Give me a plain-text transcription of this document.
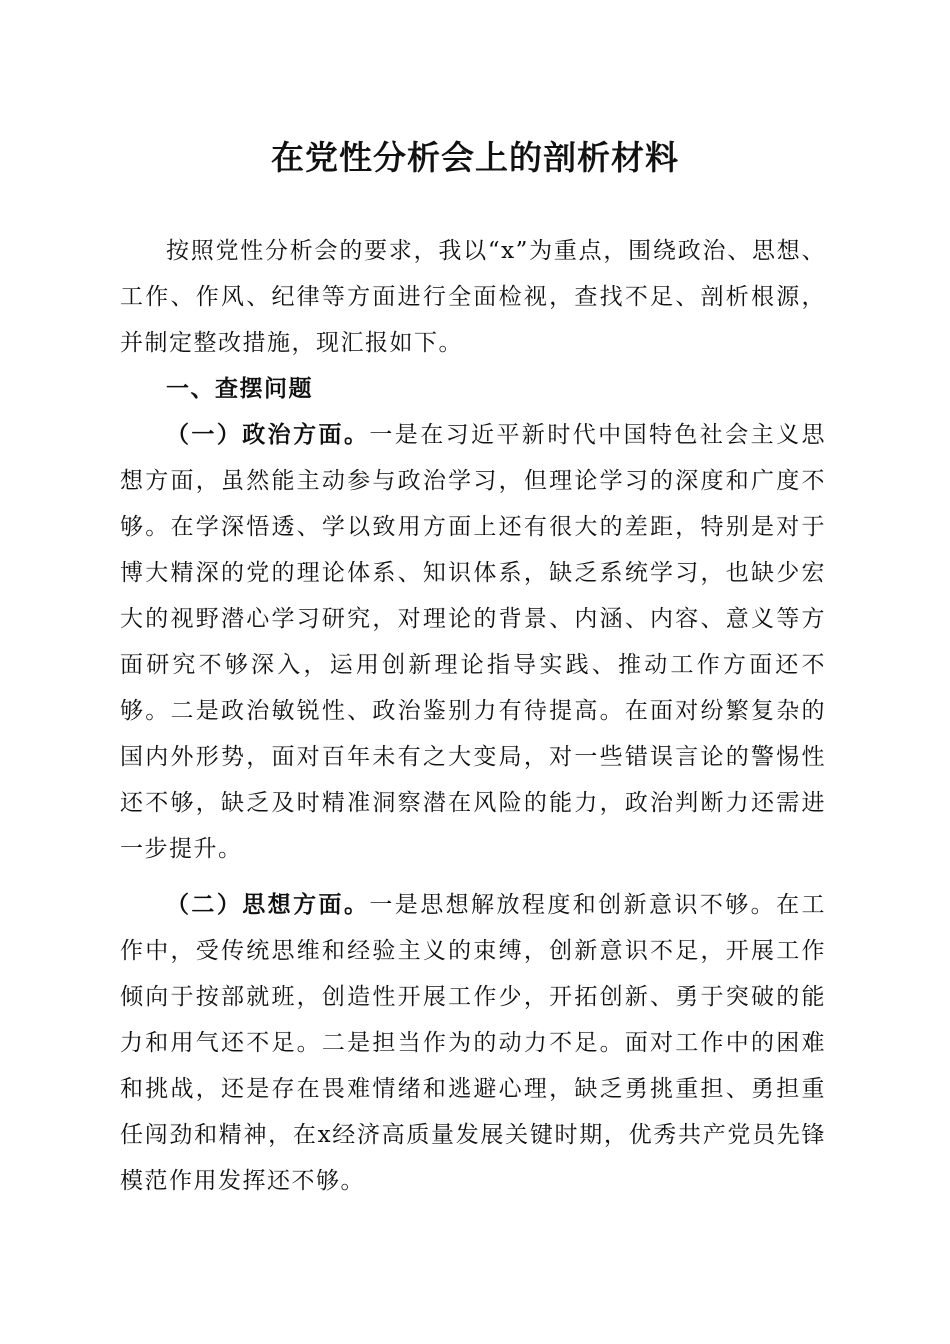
在党性分析会上的剖析材料

按照党性分析会的要求，我以“x”为重点，围绕政治、思想、工作、作风、纪律等方面进行全面检视，查找不足、剖析根源，并制定整改措施，现汇报如下。

一、查摆问题

（一）政治方面。一是在习近平新时代中国特色社会主义思想方面，虽然能主动参与政治学习，但理论学习的深度和广度不够。在学深悟透、学以致用方面上还有很大的差距，特别是对于博大精深的党的理论体系、知识体系，缺乏系统学习，也缺少宏大的视野潜心学习研究，对理论的背景、内涵、内容、意义等方面研究不够深入，运用创新理论指导实践、推动工作方面还不够。二是政治敏锐性、政治鉴别力有待提高。在面对纷繁复杂的国内外形势，面对百年未有之大变局，对一些错误言论的警惕性还不够，缺乏及时精准洞察潜在风险的能力，政治判断力还需进一步提升。

（二）思想方面。一是思想解放程度和创新意识不够。在工作中，受传统思维和经验主义的束缚，创新意识不足，开展工作倾向于按部就班，创造性开展工作少，开拓创新、勇于突破的能力和用气还不足。二是担当作为的动力不足。面对工作中的困难和挑战，还是存在畏难情绪和逃避心理，缺乏勇挑重担、勇担重任闯劲和精神，在x经济高质量发展关键时期，优秀共产党员先锋模范作用发挥还不够。
